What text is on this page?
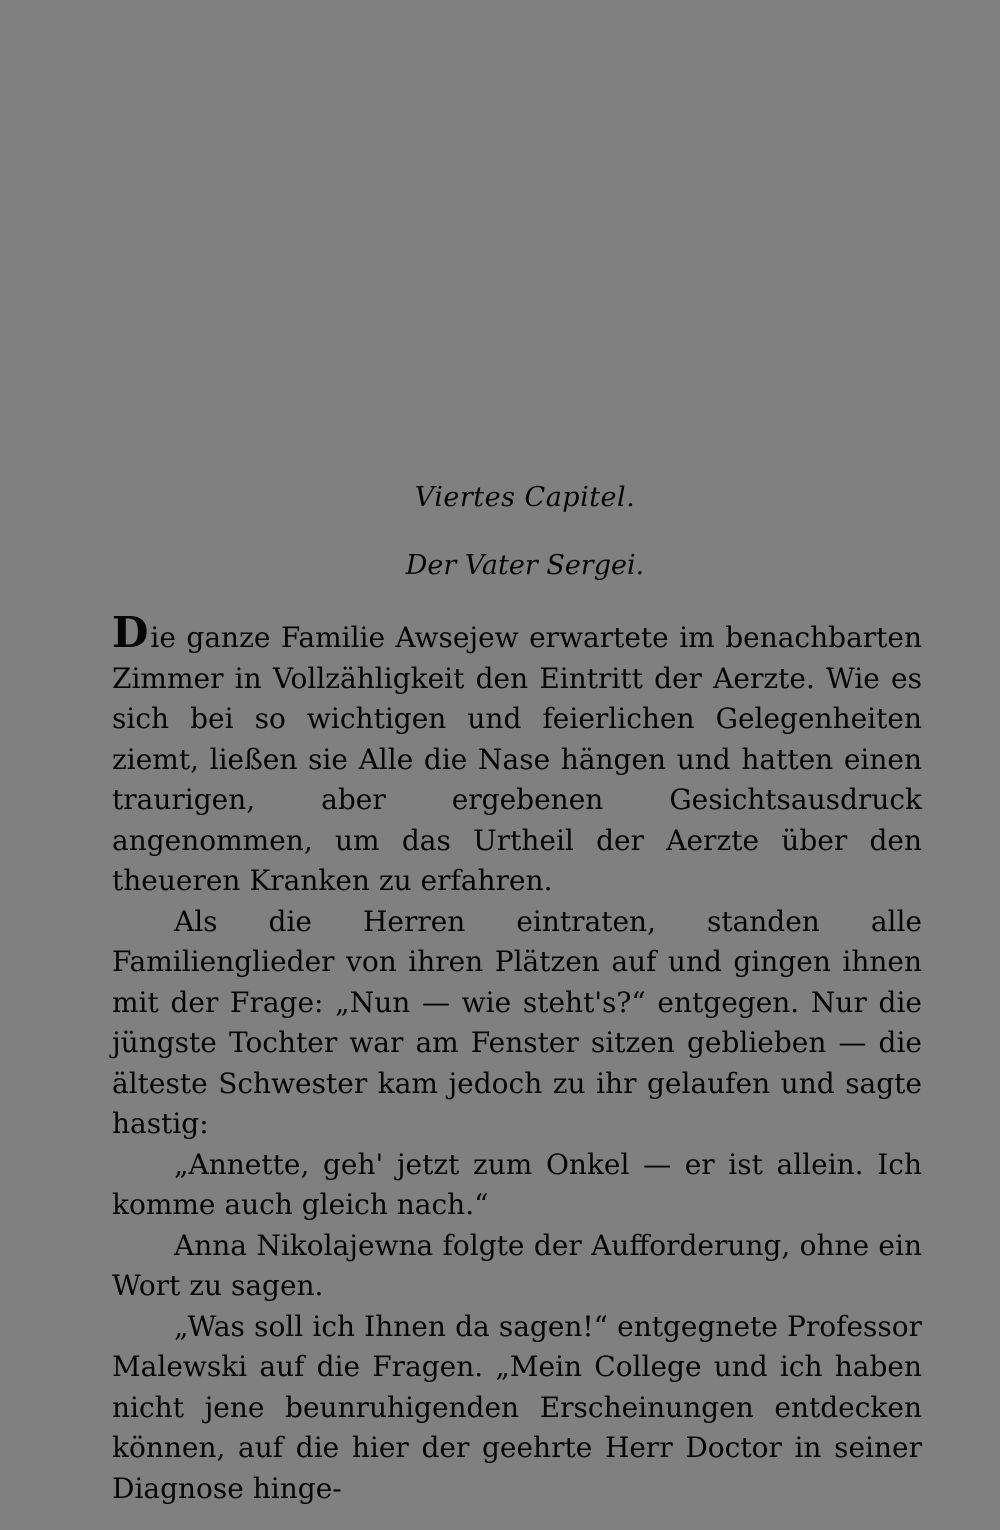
Viertes Capitel.
Der Vater Sergei.

Die ganze Familie Awsejew erwartete im benachbarten Zimmer in Vollzähligkeit den Eintritt der Aerzte. Wie es sich bei so wichtigen und feierlichen Gelegenheiten ziemt, ließen sie Alle die Nase hängen und hatten einen traurigen, aber ergebenen Gesichtsausdruck angenommen, um das Urtheil der Aerzte über den theueren Kranken zu erfahren.

Als die Herren eintraten, standen alle Familienglieder von ihren Plätzen auf und gingen ihnen mit der Frage: „Nun — wie steht's?“ entgegen. Nur die jüngste Tochter war am Fenster sitzen geblieben — die älteste Schwester kam jedoch zu ihr gelaufen und sagte hastig:

„Annette, geh' jetzt zum Onkel — er ist allein. Ich komme auch gleich nach.“

Anna Nikolajewna folgte der Aufforderung, ohne ein Wort zu sagen.

„Was soll ich Ihnen da sagen!“ entgegnete Professor Malewski auf die Fragen. „Mein College und ich haben nicht jene beunruhigenden Erscheinungen entdecken können, auf die hier der geehrte Herr Doctor in seiner Diagnose hinge-
